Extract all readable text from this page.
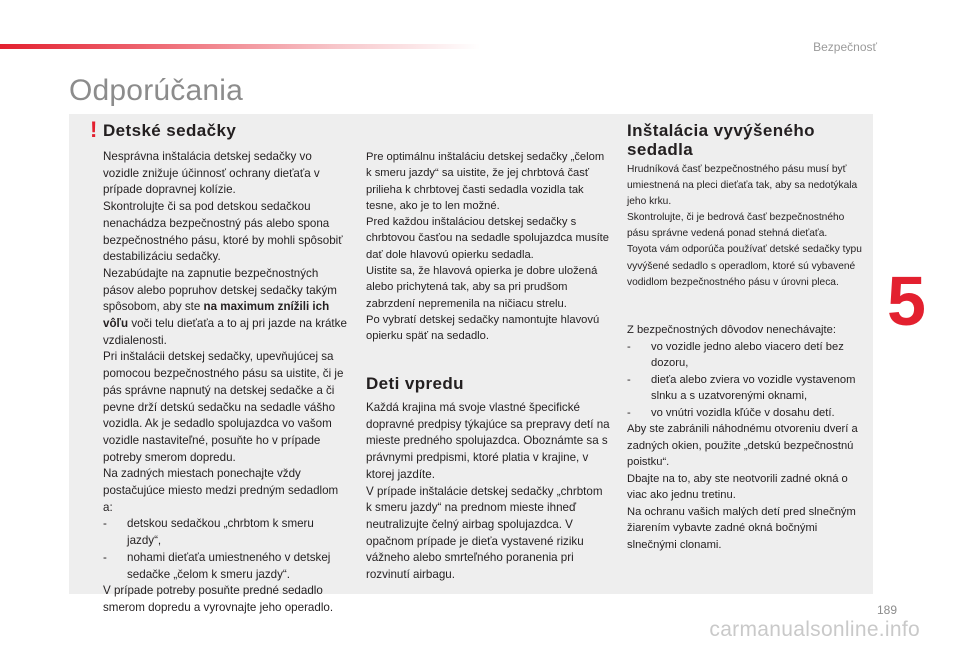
Bezpečnosť
5
Odporúčania
! Detské sedačky

Nesprávna inštalácia detskej sedačky vo vozidle znižuje účinnosť ochrany dieťaťa v prípade dopravnej kolízie.

Skontrolujte či sa pod detskou sedačkou nenachádza bezpečnostný pás alebo spona bezpečnostného pásu, ktoré by mohli spôsobiť destabilizáciu sedačky.

Nezabúdajte na zapnutie bezpečnostných pásov alebo popruhov detskej sedačky takým spôsobom, aby ste na maximum znížili ich vôľu voči telu dieťaťa a to aj pri jazde na krátke vzdialenosti.

Pri inštalácii detskej sedačky, upevňujúcej sa pomocou bezpečnostného pásu sa uistite, či je pás správne napnutý na detskej sedačke a či pevne drží detskú sedačku na sedadle vášho vozidla. Ak je sedadlo spolujazdca vo vašom vozidle nastaviteľné, posuňte ho v prípade potreby smerom dopredu.

Na zadných miestach ponechajte vždy postačujúce miesto medzi predným sedadlom a:

- detskou sedačkou „chrbtom k smeru jazdy“,

- nohami dieťaťa umiestneného v detskej sedačke „čelom k smeru jazdy“.

V prípade potreby posuňte predné sedadlo smerom dopredu a vyrovnajte jeho operadlo.

Pre optimálnu inštaláciu detskej sedačky „čelom k smeru jazdy“ sa uistite, že jej chrbtová časť prilieha k chrbtovej časti sedadla vozidla tak tesne, ako je to len možné.

Pred každou inštaláciou detskej sedačky s chrbtovou časťou na sedadle spolujazdca musíte dať dole hlavovú opierku sedadla.

Uistite sa, že hlavová opierka je dobre uložená alebo prichytená tak, aby sa pri prudšom zabrzdení nepremenila na ničiacu strelu.

Po vybratí detskej sedačky namontujte hlavovú opierku späť na sedadlo.

Deti vpredu

Každá krajina má svoje vlastné špecifické dopravné predpisy týkajúce sa prepravy detí na mieste predného spolujazdca. Oboznámte sa s právnymi predpismi, ktoré platia v krajine, v ktorej jazdíte.

V prípade inštalácie detskej sedačky „chrbtom k smeru jazdy“ na prednom mieste ihneď neutralizujte čelný airbag spolujazdca. V opačnom prípade je dieťa vystavené riziku vážneho alebo smrteľného poranenia pri rozvinutí airbagu.

Inštalácia vyvýšeného sedadla

Hrudníková časť bezpečnostného pásu musí byť umiestnená na pleci dieťaťa tak, aby sa nedotýkala jeho krku.

Skontrolujte, či je bedrová časť bezpečnostného pásu správne vedená ponad stehná dieťaťa.

Toyota vám odporúča používať detské sedačky typu vyvýšené sedadlo s operadlom, ktoré sú vybavené vodidlom bezpečnostného pásu v úrovni pleca.

Z bezpečnostných dôvodov nenechávajte:

- vo vozidle jedno alebo viacero detí bez dozoru,

- dieťa alebo zviera vo vozidle vystavenom slnku a s uzatvorenými oknami,

- vo vnútri vozidla kľúče v dosahu detí.

Aby ste zabránili náhodnému otvoreniu dverí a zadných okien, použite „detskú bezpečnostnú poistku“.

Dbajte na to, aby ste neotvorili zadné okná o viac ako jednu tretinu.

Na ochranu vašich malých detí pred slnečným žiarením vybavte zadné okná bočnými slnečnými clonami.

189
carmanualsonline.info
